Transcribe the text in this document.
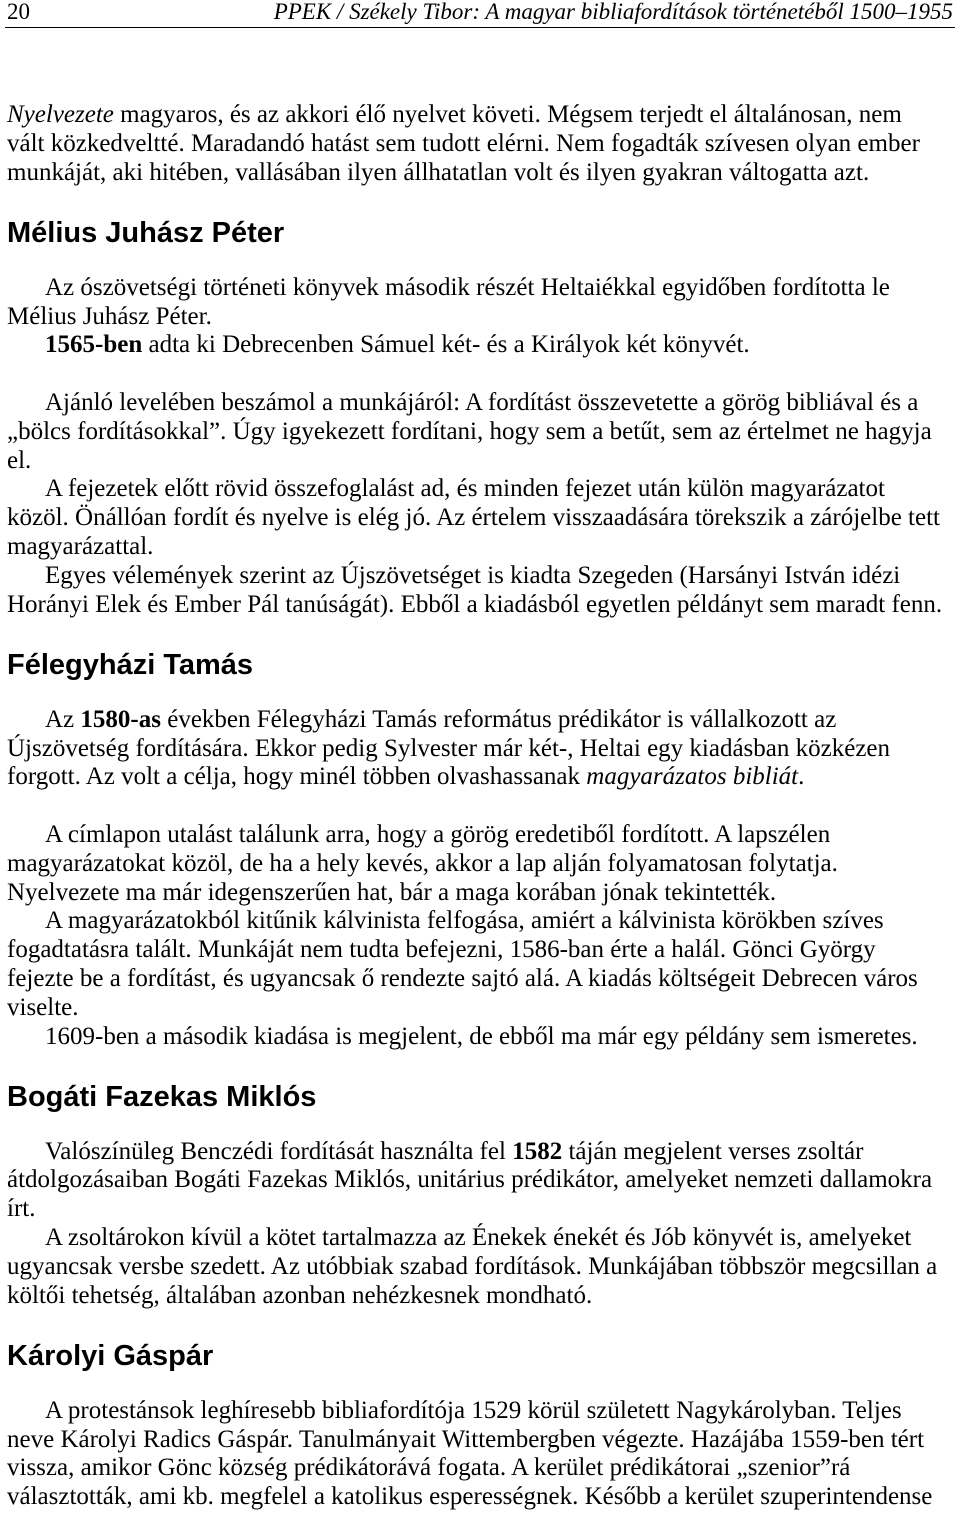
20	PPEK / Székely Tibor: A magyar bibliafordítások történetéből 1500–1955
Nyelvezete magyaros, és az akkori élő nyelvet követi. Mégsem terjedt el általánosan, nem
vált közkedveltté. Maradandó hatást sem tudott elérni. Nem fogadták szívesen olyan ember
munkáját, aki hitében, vallásában ilyen állhatatlan volt és ilyen gyakran váltogatta azt.
Mélius Juhász Péter
Az ószövetségi történeti könyvek második részét Heltaiékkal egyidőben fordította le
Mélius Juhász Péter.
1565-ben adta ki Debrecenben Sámuel két- és a Királyok két könyvét.
Ajánló levelében beszámol a munkájáról: A fordítást összevetette a görög bibliával és a
„bölcs fordításokkal”. Úgy igyekezett fordítani, hogy sem a betűt, sem az értelmet ne hagyja
el.
A fejezetek előtt rövid összefoglalást ad, és minden fejezet után külön magyarázatot
közöl. Önállóan fordít és nyelve is elég jó. Az értelem visszaadására törekszik a zárójelbe tett
magyarázattal.
Egyes vélemények szerint az Újszövetséget is kiadta Szegeden (Harsányi István idézi
Horányi Elek és Ember Pál tanúságát). Ebből a kiadásból egyetlen példányt sem maradt fenn.
Félegyházi Tamás
Az 1580-as években Félegyházi Tamás református prédikátor is vállalkozott az
Újszövetség fordítására. Ekkor pedig Sylvester már két-, Heltai egy kiadásban közkézen
forgott. Az volt a célja, hogy minél többen olvashassanak magyarázatos bibliát.
A címlapon utalást találunk arra, hogy a görög eredetiből fordított. A lapszélen
magyarázatokat közöl, de ha a hely kevés, akkor a lap alján folyamatosan folytatja.
Nyelvezete ma már idegenszerűen hat, bár a maga korában jónak tekintették.
A magyarázatokból kitűnik kálvinista felfogása, amiért a kálvinista körökben szíves
fogadtatásra talált. Munkáját nem tudta befejezni, 1586-ban érte a halál. Gönci György
fejezte be a fordítást, és ugyancsak ő rendezte sajtó alá. A kiadás költségeit Debrecen város
viselte.
1609-ben a második kiadása is megjelent, de ebből ma már egy példány sem ismeretes.
Bogáti Fazekas Miklós
Valószínüleg Benczédi fordítását használta fel 1582 táján megjelent verses zsoltár
átdolgozásaiban Bogáti Fazekas Miklós, unitárius prédikátor, amelyeket nemzeti dallamokra
írt.
A zsoltárokon kívül a kötet tartalmazza az Énekek énekét és Jób könyvét is, amelyeket
ugyancsak versbe szedett. Az utóbbiak szabad fordítások. Munkájában többször megcsillan a
költői tehetség, általában azonban nehézkesnek mondható.
Károlyi Gáspár
A protestánsok leghíresebb bibliafordítója 1529 körül született Nagykárolyban. Teljes
neve Károlyi Radics Gáspár. Tanulmányait Wittembergben végezte. Hazájába 1559-ben tért
vissza, amikor Gönc község prédikátorává fogata. A kerület prédikátorai „szenior”rá
választották, ami kb. megfelel a katolikus esperességnek. Később a kerület szuperintendense
